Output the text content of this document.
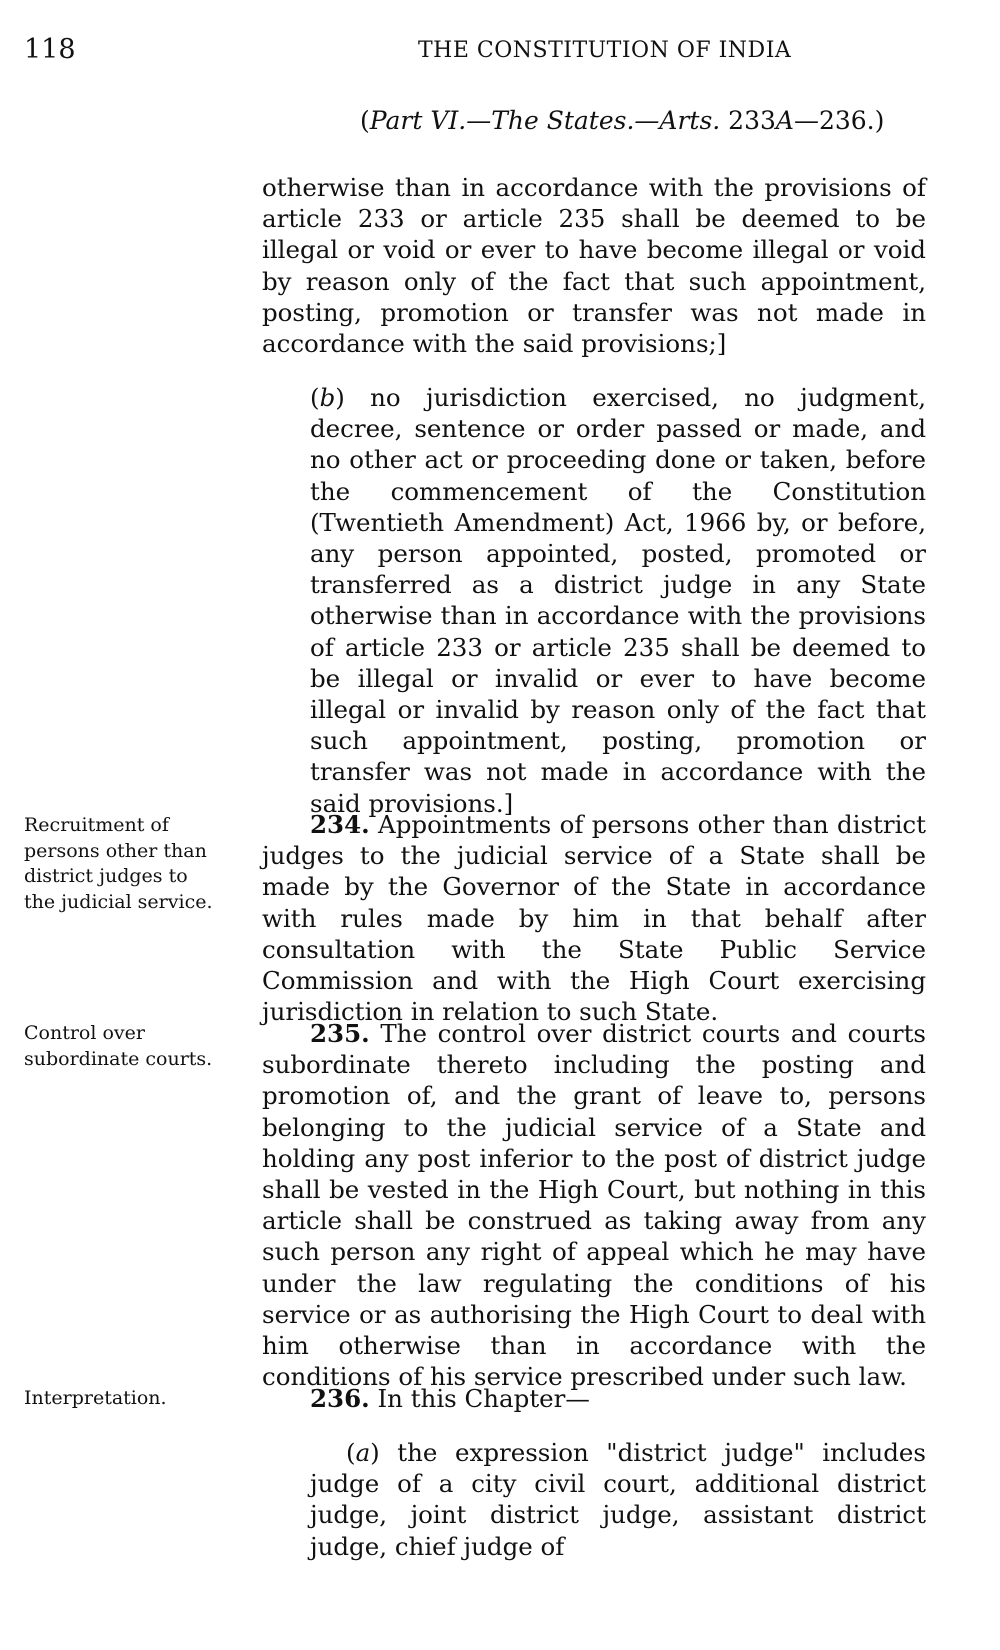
118	THE CONSTITUTION OF INDIA
(Part VI.—The States.—Arts. 233A—236.)

otherwise than in accordance with the provisions of article 233 or article 235 shall be deemed to be illegal or void or ever to have become illegal or void by reason only of the fact that such appointment, posting, promotion or transfer was not made in accordance with the said provisions;]

(b) no jurisdiction exercised, no judgment, decree, sentence or order passed or made, and no other act or proceeding done or taken, before the commencement of the Constitution (Twentieth Amendment) Act, 1966 by, or before, any person appointed, posted, promoted or transferred as a district judge in any State otherwise than in accordance with the provisions of article 233 or article 235 shall be deemed to be illegal or invalid or ever to have become illegal or invalid by reason only of the fact that such appointment, posting, promotion or transfer was not made in accordance with the said provisions.]

Recruitment of persons other than district judges to the judicial service.

234. Appointments of persons other than district judges to the judicial service of a State shall be made by the Governor of the State in accordance with rules made by him in that behalf after consultation with the State Public Service Commission and with the High Court exercising jurisdiction in relation to such State.

Control over subordinate courts.

235. The control over district courts and courts subordinate thereto including the posting and promotion of, and the grant of leave to, persons belonging to the judicial service of a State and holding any post inferior to the post of district judge shall be vested in the High Court, but nothing in this article shall be construed as taking away from any such person any right of appeal which he may have under the law regulating the conditions of his service or as authorising the High Court to deal with him otherwise than in accordance with the conditions of his service prescribed under such law.

Interpretation.	236. In this Chapter—

(a) the expression "district judge" includes judge of a city civil court, additional district judge, joint district judge, assistant district judge, chief judge of
